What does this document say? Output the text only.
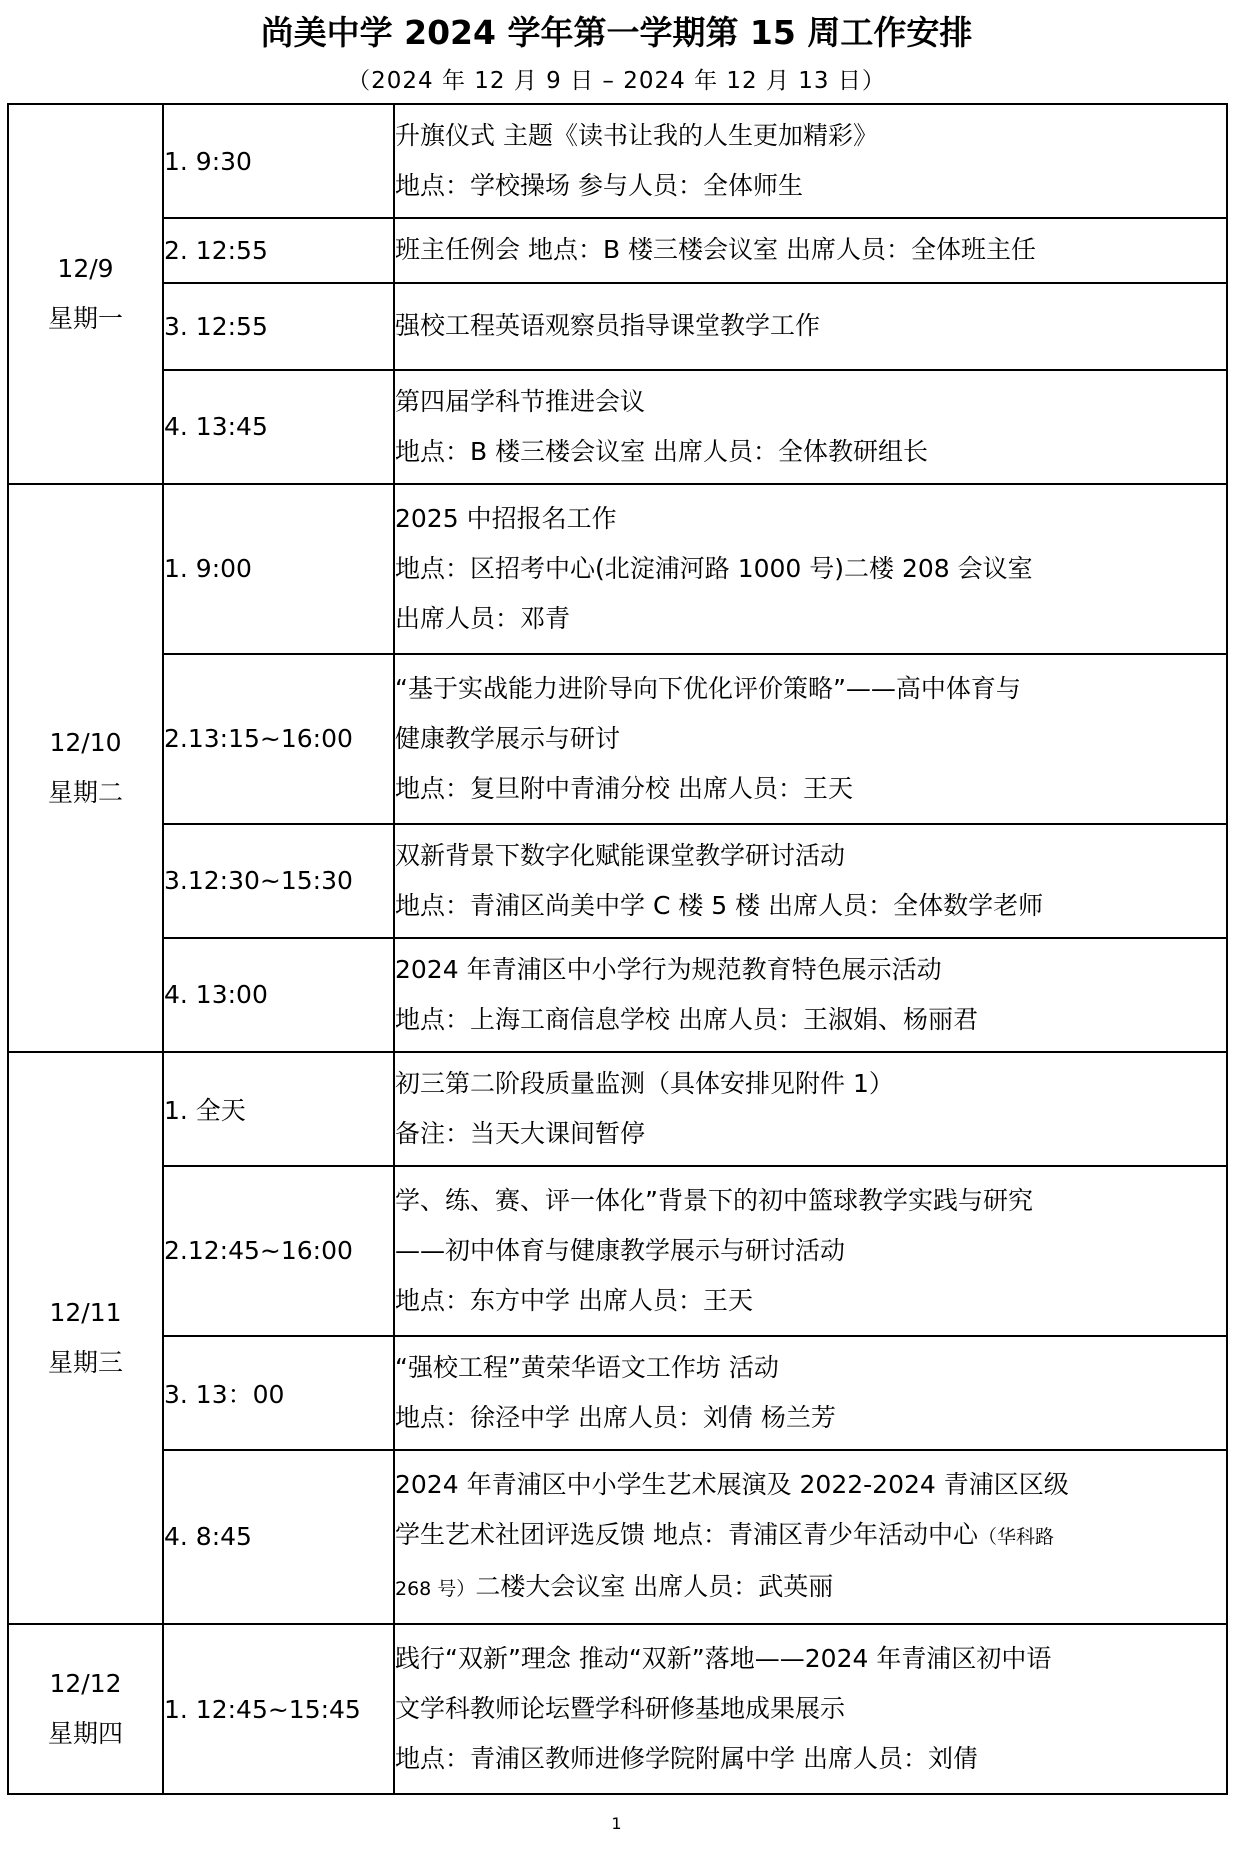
尚美中学 2024 学年第一学期第 15 周工作安排
（2024 年 12 月 9 日 – 2024 年 12 月 13 日）
12/9
星期一	1. 9:30	升旗仪式 主题《读书让我的人生更加精彩》
地点：学校操场 参与人员：全体师生

	2. 12:55	班主任例会 地点：B 楼三楼会议室 出席人员：全体班主任

	3. 12:55	强校工程英语观察员指导课堂教学工作

	4. 13:45	第四届学科节推进会议
地点：B 楼三楼会议室 出席人员：全体教研组长

12/10
星期二	1. 9:00	2025 中招报名工作
地点：区招考中心(北淀浦河路 1000 号)二楼 208 会议室
出席人员：邓青

	2.13:15~16:00	“基于实战能力进阶导向下优化评价策略”——高中体育与
健康教学展示与研讨
地点：复旦附中青浦分校 出席人员：王天

	3.12:30~15:30	双新背景下数字化赋能课堂教学研讨活动
地点：青浦区尚美中学 C 楼 5 楼 出席人员：全体数学老师

	4. 13:00	2024 年青浦区中小学行为规范教育特色展示活动
地点：上海工商信息学校 出席人员：王淑娟、杨丽君

12/11
星期三	1. 全天	初三第二阶段质量监测（具体安排见附件 1）
备注：当天大课间暂停

	2.12:45~16:00	学、练、赛、评一体化”背景下的初中篮球教学实践与研究
——初中体育与健康教学展示与研讨活动
地点：东方中学 出席人员：王天

	3. 13：00	“强校工程”黄荣华语文工作坊 活动
地点：徐泾中学 出席人员：刘倩 杨兰芳

	4. 8:45	2024 年青浦区中小学生艺术展演及 2022-2024 青浦区区级
学生艺术社团评选反馈 地点：青浦区青少年活动中心（华科路
268 号）二楼大会议室 出席人员：武英丽

12/12
星期四	1. 12:45~15:45	践行“双新”理念 推动“双新”落地——2024 年青浦区初中语
文学科教师论坛暨学科研修基地成果展示
地点：青浦区教师进修学院附属中学 出席人员：刘倩
1
